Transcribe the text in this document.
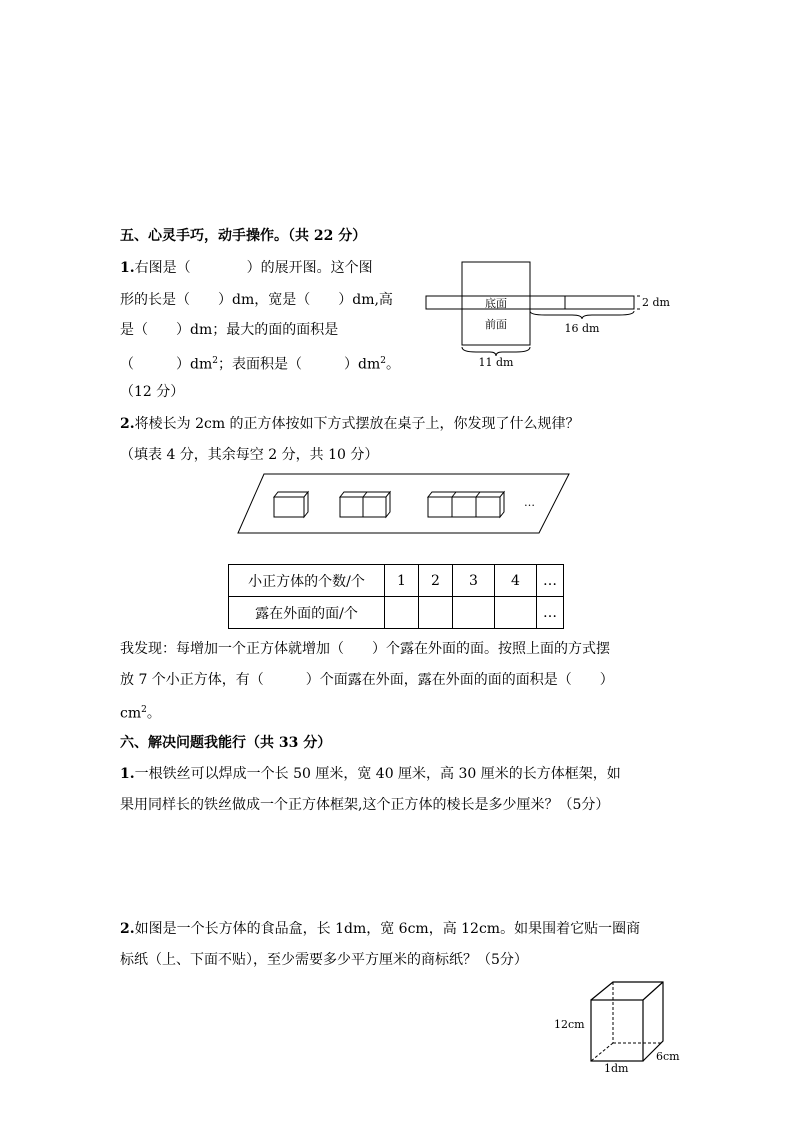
五、心灵手巧，动手操作。（共 22 分）
1.右图是（　　　　）的展开图。这个图
形的长是（　　）dm，宽是（　　）dm,高
是（　　）dm；最大的面的面积是
（　　　）$dm^2$；表面积是（　　　）$dm^2$。
（12 分）
底面
前面
2 dm
16 dm
11 dm
2.将棱长为 2cm 的正方体按如下方式摆放在桌子上，你发现了什么规律？
（填表 4 分，其余每空 2 分，共 10 分）
…
小正方体的个数/个	1	2	3	4	…
露在外面的面/个					…
我发现：每增加一个正方体就增加（　　）个露在外面的面。按照上面的方式摆
放 7 个小正方体，有（　　　）个面露在外面，露在外面的面的面积是（　　）
$cm^2$。
六、解决问题我能行（共 33 分）
1.一根铁丝可以焊成一个长 50 厘米，宽 40 厘米，高 30 厘米的长方体框架，如
果用同样长的铁丝做成一个正方体框架,这个正方体的棱长是多少厘米？（5分）
2.如图是一个长方体的食品盒，长 1dm，宽 6cm，高 12cm。如果围着它贴一圈商
标纸（上、下面不贴），至少需要多少平方厘米的商标纸？（5分）
12cm
1dm
6cm
